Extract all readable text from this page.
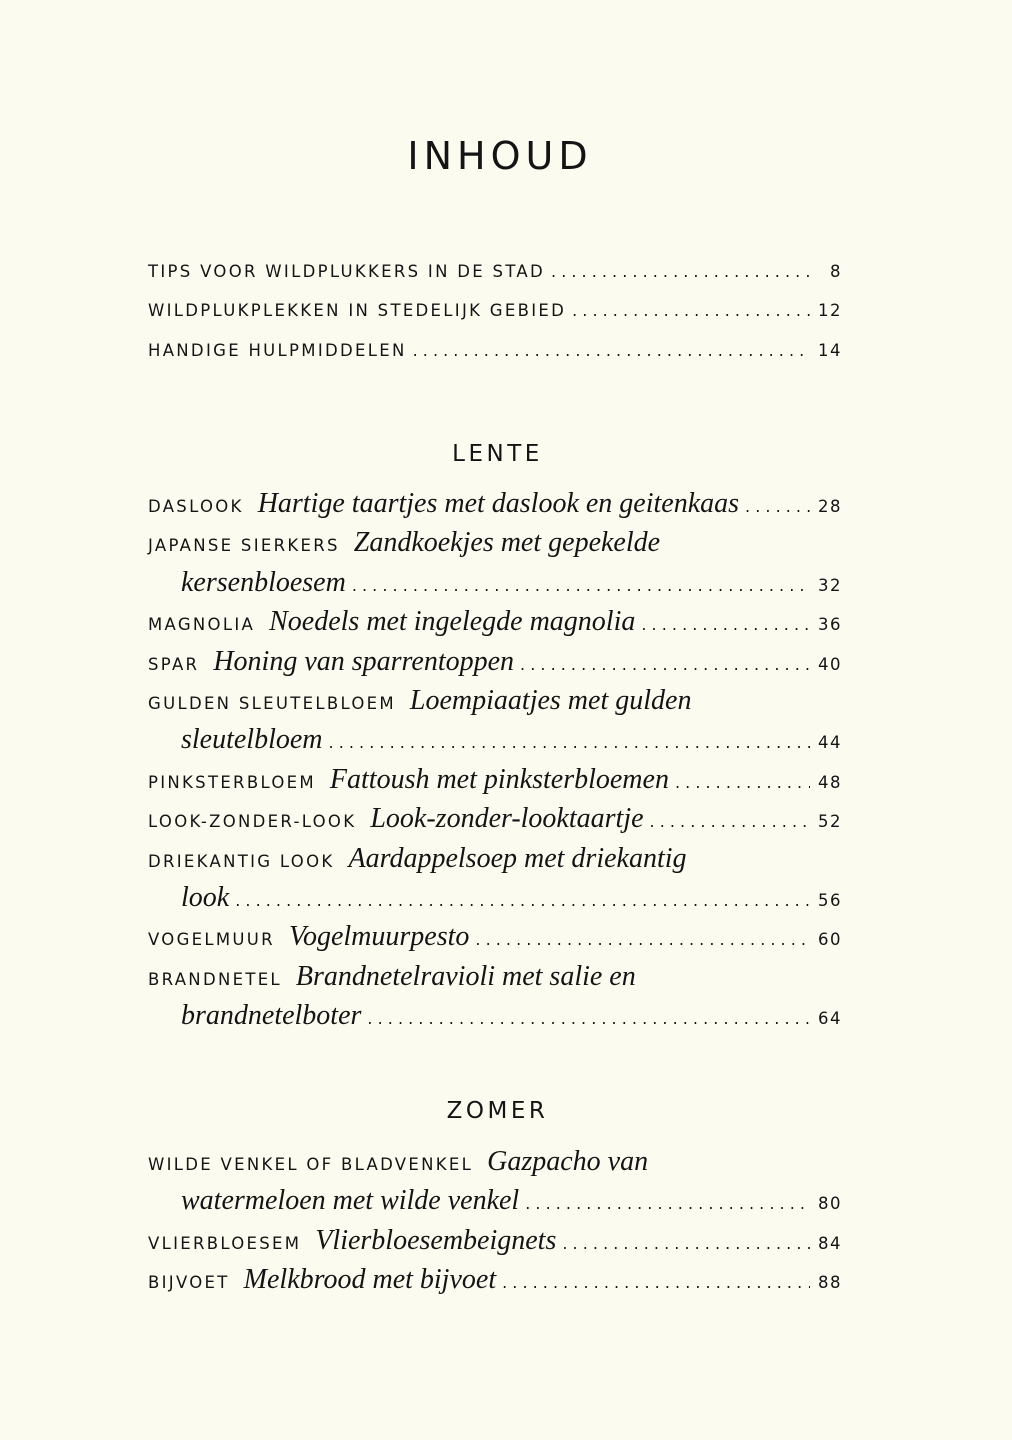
INHOUD
TIPS VOOR WILDPLUKKERS IN DE STAD . . .	8
WILDPLUKPLEKKEN IN STEDELIJK GEBIED . . .	12
HANDIGE HULPMIDDELEN . . .	14
LENTE
DASLOOK Hartige taartjes met daslook en geitenkaas . . .	28
JAPANSE SIERKERS Zandkoekjes met gepekelde
kersenbloesem . . .	32
MAGNOLIA Noedels met ingelegde magnolia . . .	36
SPAR Honing van sparrentoppen . . .	40
GULDEN SLEUTELBLOEM Loempiaatjes met gulden
sleutelbloem . . .	44
PINKSTERBLOEM Fattoush met pinksterbloemen . . .	48
LOOK-ZONDER-LOOK Look-zonder-looktaartje . . .	52
DRIEKANTIG LOOK Aardappelsoep met driekantig
look . . .	56
VOGELMUUR Vogelmuurpesto . . .	60
BRANDNETEL Brandnetelravioli met salie en
brandnetelboter . . .	64
ZOMER
WILDE VENKEL OF BLADVENKEL Gazpacho van
watermeloen met wilde venkel . . .	80
VLIERBLOESEM Vlierbloesembeignets . . .	84
BIJVOET Melkbrood met bijvoet . . .	88
